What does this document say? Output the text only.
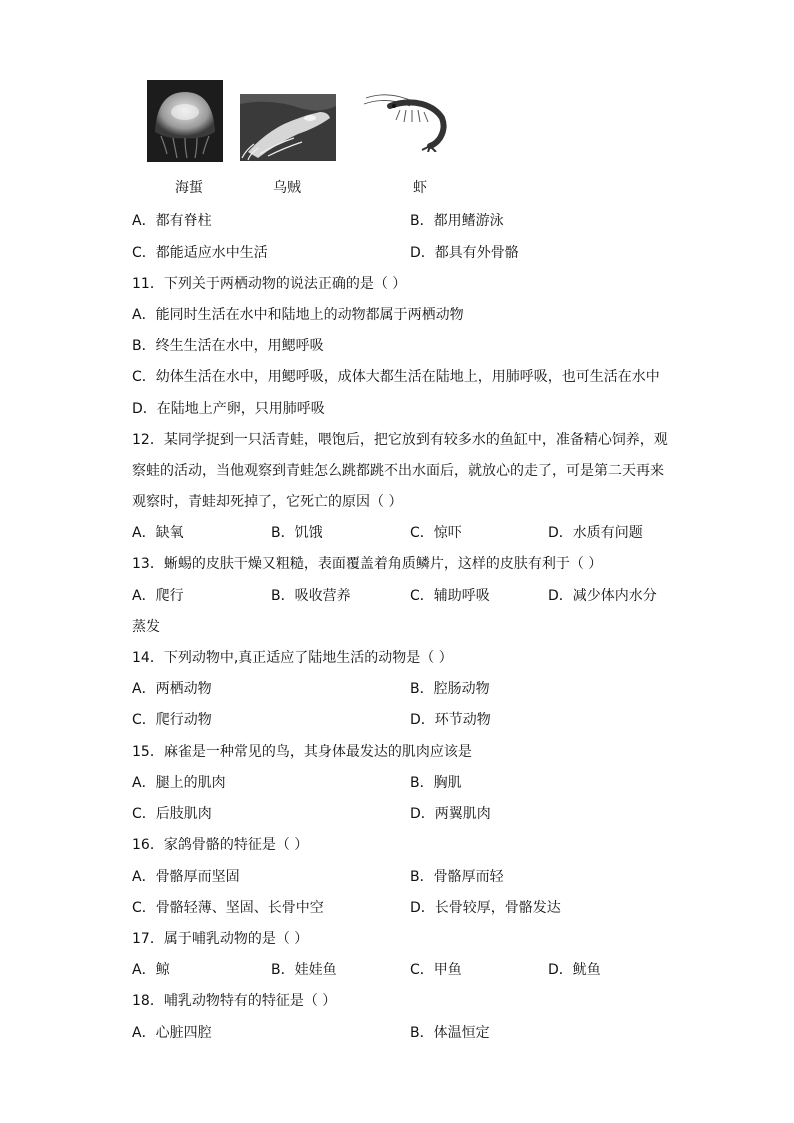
海蜇	乌贼	虾
A．都有脊柱	B．都用鳍游泳
C．都能适应水中生活	D．都具有外骨骼
11．下列关于两栖动物的说法正确的是（ ）
A．能同时生活在水中和陆地上的动物都属于两栖动物
B．终生生活在水中，用鳃呼吸
C．幼体生活在水中，用鳃呼吸，成体大都生活在陆地上，用肺呼吸，也可生活在水中
D．在陆地上产卵，只用肺呼吸
12．某同学捉到一只活青蛙，喂饱后，把它放到有较多水的鱼缸中，准备精心饲养，观
察蛙的活动，当他观察到青蛙怎么跳都跳不出水面后，就放心的走了，可是第二天再来
观察时，青蛙却死掉了，它死亡的原因（ ）
A．缺氧	B．饥饿	C．惊吓	D．水质有问题
13．蜥蜴的皮肤干燥又粗糙，表面覆盖着角质鳞片，这样的皮肤有利于（ ）
A．爬行	B．吸收营养	C．辅助呼吸	D．减少体内水分
蒸发
14．下列动物中,真正适应了陆地生活的动物是（ ）
A．两栖动物	B．腔肠动物
C．爬行动物	D．环节动物
15．麻雀是一种常见的鸟，其身体最发达的肌肉应该是
A．腿上的肌肉	B．胸肌
C．后肢肌肉	D．两翼肌肉
16．家鸽骨骼的特征是（ ）
A．骨骼厚而坚固	B．骨骼厚而轻
C．骨骼轻薄、坚固、长骨中空	D．长骨较厚，骨骼发达
17．属于哺乳动物的是（ ）
A．鲸	B．娃娃鱼	C．甲鱼	D．鱿鱼
18．哺乳动物特有的特征是（ ）
A．心脏四腔	B．体温恒定
